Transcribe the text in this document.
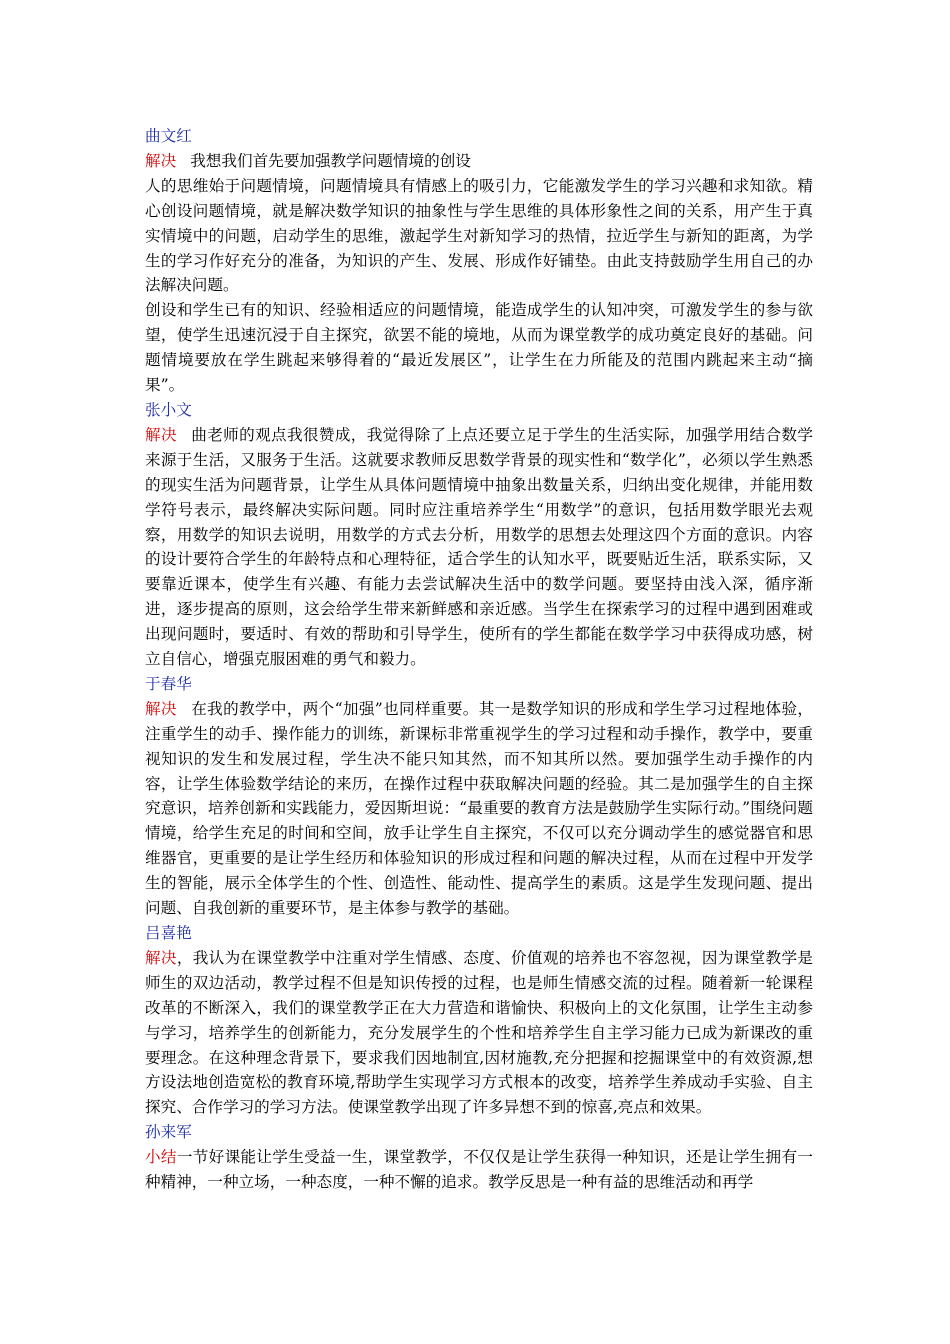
曲文红
解决 我想我们首先要加强教学问题情境的创设
人的思维始于问题情境，问题情境具有情感上的吸引力，它能激发学生的学习兴趣和求知欲。精心创设问题情境，就是解决数学知识的抽象性与学生思维的具体形象性之间的关系，用产生于真实情境中的问题，启动学生的思维，激起学生对新知学习的热情，拉近学生与新知的距离，为学生的学习作好充分的准备，为知识的产生、发展、形成作好铺垫。由此支持鼓励学生用自己的办法解决问题。
创设和学生已有的知识、经验相适应的问题情境，能造成学生的认知冲突，可激发学生的参与欲望，使学生迅速沉浸于自主探究，欲罢不能的境地，从而为课堂教学的成功奠定良好的基础。问题情境要放在学生跳起来够得着的“最近发展区”，让学生在力所能及的范围内跳起来主动“摘果”。
张小文
解决 曲老师的观点我很赞成，我觉得除了上点还要立足于学生的生活实际，加强学用结合数学来源于生活，又服务于生活。这就要求教师反思数学背景的现实性和“数学化”，必须以学生熟悉的现实生活为问题背景，让学生从具体问题情境中抽象出数量关系，归纳出变化规律，并能用数学符号表示，最终解决实际问题。同时应注重培养学生“用数学”的意识，包括用数学眼光去观察，用数学的知识去说明，用数学的方式去分析，用数学的思想去处理这四个方面的意识。内容的设计要符合学生的年龄特点和心理特征，适合学生的认知水平，既要贴近生活，联系实际，又要靠近课本，使学生有兴趣、有能力去尝试解决生活中的数学问题。要坚持由浅入深，循序渐进，逐步提高的原则，这会给学生带来新鲜感和亲近感。当学生在探索学习的过程中遇到困难或出现问题时，要适时、有效的帮助和引导学生，使所有的学生都能在数学学习中获得成功感，树立自信心，增强克服困难的勇气和毅力。
于春华
解决 在我的教学中，两个“加强”也同样重要。其一是数学知识的形成和学生学习过程地体验，注重学生的动手、操作能力的训练，新课标非常重视学生的学习过程和动手操作，教学中，要重视知识的发生和发展过程，学生决不能只知其然，而不知其所以然。要加强学生动手操作的内容，让学生体验数学结论的来历，在操作过程中获取解决问题的经验。其二是加强学生的自主探究意识，培养创新和实践能力，爱因斯坦说：“最重要的教育方法是鼓励学生实际行动。”围绕问题情境，给学生充足的时间和空间，放手让学生自主探究，不仅可以充分调动学生的感觉器官和思维器官，更重要的是让学生经历和体验知识的形成过程和问题的解决过程，从而在过程中开发学生的智能，展示全体学生的个性、创造性、能动性、提高学生的素质。这是学生发现问题、提出问题、自我创新的重要环节，是主体参与教学的基础。
吕喜艳
解决，我认为在课堂教学中注重对学生情感、态度、价值观的培养也不容忽视，因为课堂教学是师生的双边活动，教学过程不但是知识传授的过程，也是师生情感交流的过程。随着新一轮课程改革的不断深入，我们的课堂教学正在大力营造和谐愉快、积极向上的文化氛围，让学生主动参与学习，培养学生的创新能力，充分发展学生的个性和培养学生自主学习能力已成为新课改的重要理念。在这种理念背景下，要求我们因地制宜,因材施教,充分把握和挖掘课堂中的有效资源,想方设法地创造宽松的教育环境,帮助学生实现学习方式根本的改变，培养学生养成动手实验、自主探究、合作学习的学习方法。使课堂教学出现了许多异想不到的惊喜,亮点和效果。
孙来军
小结一节好课能让学生受益一生，课堂教学，不仅仅是让学生获得一种知识，还是让学生拥有一种精神，一种立场，一种态度，一种不懈的追求。教学反思是一种有益的思维活动和再学
